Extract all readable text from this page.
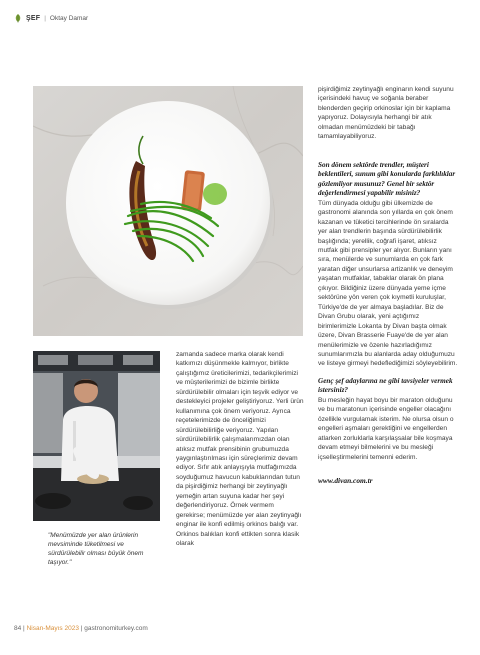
ŞEF | Oktay Damar

zamanda sadece marka olarak kendi katkımızı düşünmekle kalmıyor, birlikte çalıştığımız üreticilerimizi, tedarikçilerimizi ve müşterilerimizi de bizimle birlikte sürdürülebilir olmaları için teşvik ediyor ve destekleyici projeler geliştiriyoruz. Yerli ürün kullanımına çok önem veriyoruz. Ayrıca reçetelerimizde de önceliğimizi sürdürülebilirliğe veriyoruz. Yapılan sürdürülebilirlik çalışmalarımızdan olan atıksız mutfak prensibinin grubumuzda yaygınlaştırılması için süreçlerimiz devam ediyor. Sıfır atık anlayışıyla mutfağımızda soyduğumuz havucun kabuklarından tutun da pişirdiğimiz herhangi bir zeytinyağlı yemeğin artan suyuna kadar her şeyi değerlendiriyoruz. Örnek vermem gerekirse; menümüzde yer alan zeytinyağlı enginar ile konfi edilmiş orkinos balığı var. Orkinos balıkları konfi ettikten sonra klasik olarak

pişirdiğimiz zeytinyağlı enginarın kendi suyunu içerisindeki havuç ve soğanla beraber blenderden geçirip orkinoslar için bir kaplama yapıyoruz. Dolayısıyla herhangi bir atık olmadan menümüzdeki bir tabağı tamamlayabiliyoruz.

Son dönem sektörde trendler, müşteri beklentileri, sunum gibi konularda farklılıklar gözlemliyor musunuz? Genel bir sektör değerlendirmesi yapabilir misiniz?

Tüm dünyada olduğu gibi ülkemizde de gastronomi alanında son yıllarda en çok önem kazanan ve tüketici tercihlerinde ön sıralarda yer alan trendlerin başında sürdürülebilirlik başlığında; yerellik, coğrafi işaret, atıksız mutfak gibi prensipler yer alıyor. Bunların yanı sıra, menülerde ve sunumlarda en çok fark yaratan diğer unsurlarsa artizanlık ve deneyim yaşatan mutfaklar, tabaklar olarak ön plana çıkıyor. Bildiğiniz üzere dünyada yeme içme sektörüne yön veren çok kıymetli kuruluşlar, Türkiye'de de yer almaya başladılar. Biz de Divan Grubu olarak, yeni açtığımız birimlerimizle Lokanta by Divan başta olmak üzere, Divan Brasserie Fuaye'de de yer alan menülerimizle ve özenle hazırladığımız sunumlarımızla bu alanlarda aday olduğumuzu ve listeye girmeyi hedeflediğimizi söyleyebilirim.

Genç şef adaylarına ne gibi tavsiyeler vermek istersiniz?

Bu mesleğin hayat boyu bir maraton olduğunu ve bu maratonun içerisinde engeller olacağını özellikle vurgulamak isterim. Ne olursa olsun o engelleri aşmaları gerektiğini ve engellerden atlarken zorluklarla karşılaşsalar bile koşmaya devam etmeyi bilmelerini ve bu mesleği içselleştirmelerini temenni ederim.

www.divan.com.tr

"Menümüzde yer alan ürünlerin mevsiminde tüketilmesi ve sürdürülebilir olması büyük önem taşıyor."
84 | Nisan-Mayıs 2023 | gastronomiturkey.com
